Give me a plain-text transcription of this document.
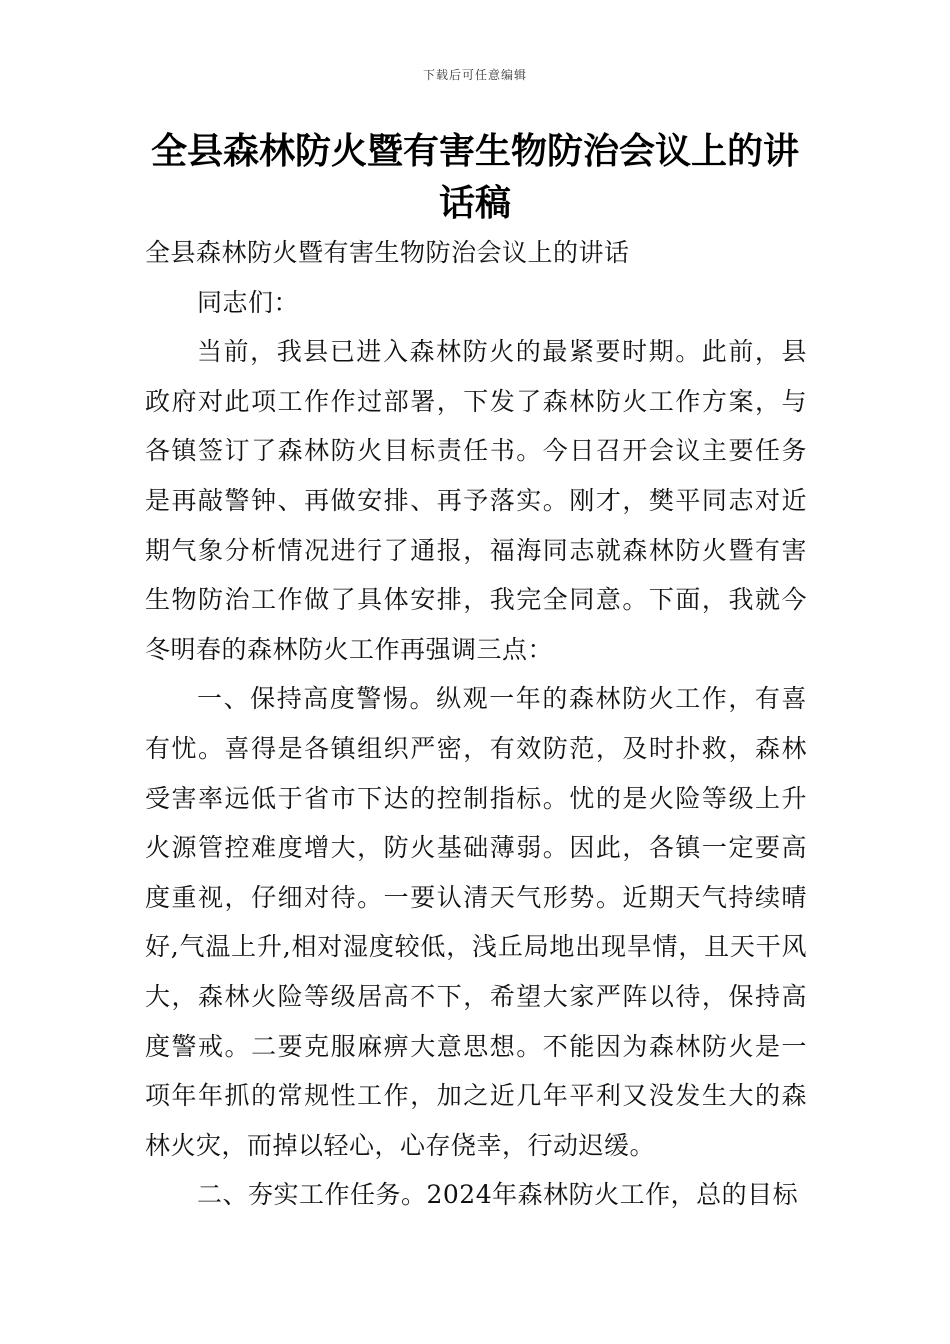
下载后可任意编辑
全县森林防火暨有害生物防治会议上的讲话稿

全县森林防火暨有害生物防治会议上的讲话

同志们：

当前，我县已进入森林防火的最紧要时期。此前，县政府对此项工作作过部署，下发了森林防火工作方案，与各镇签订了森林防火目标责任书。今日召开会议主要任务是再敲警钟、再做安排、再予落实。刚才，樊平同志对近期气象分析情况进行了通报，福海同志就森林防火暨有害生物防治工作做了具体安排，我完全同意。下面，我就今冬明春的森林防火工作再强调三点：

一、保持高度警惕。纵观一年的森林防火工作，有喜有忧。喜得是各镇组织严密，有效防范，及时扑救，森林受害率远低于省市下达的控制指标。忧的是火险等级上升火源管控难度增大，防火基础薄弱。因此，各镇一定要高度重视，仔细对待。一要认清天气形势。近期天气持续晴好,气温上升,相对湿度较低，浅丘局地出现旱情，且天干风大，森林火险等级居高不下，希望大家严阵以待，保持高度警戒。二要克服麻痹大意思想。不能因为森林防火是一项年年抓的常规性工作，加之近几年平利又没发生大的森林火灾，而掉以轻心，心存侥幸，行动迟缓。

二、夯实工作任务。2024年森林防火工作，总的目标
